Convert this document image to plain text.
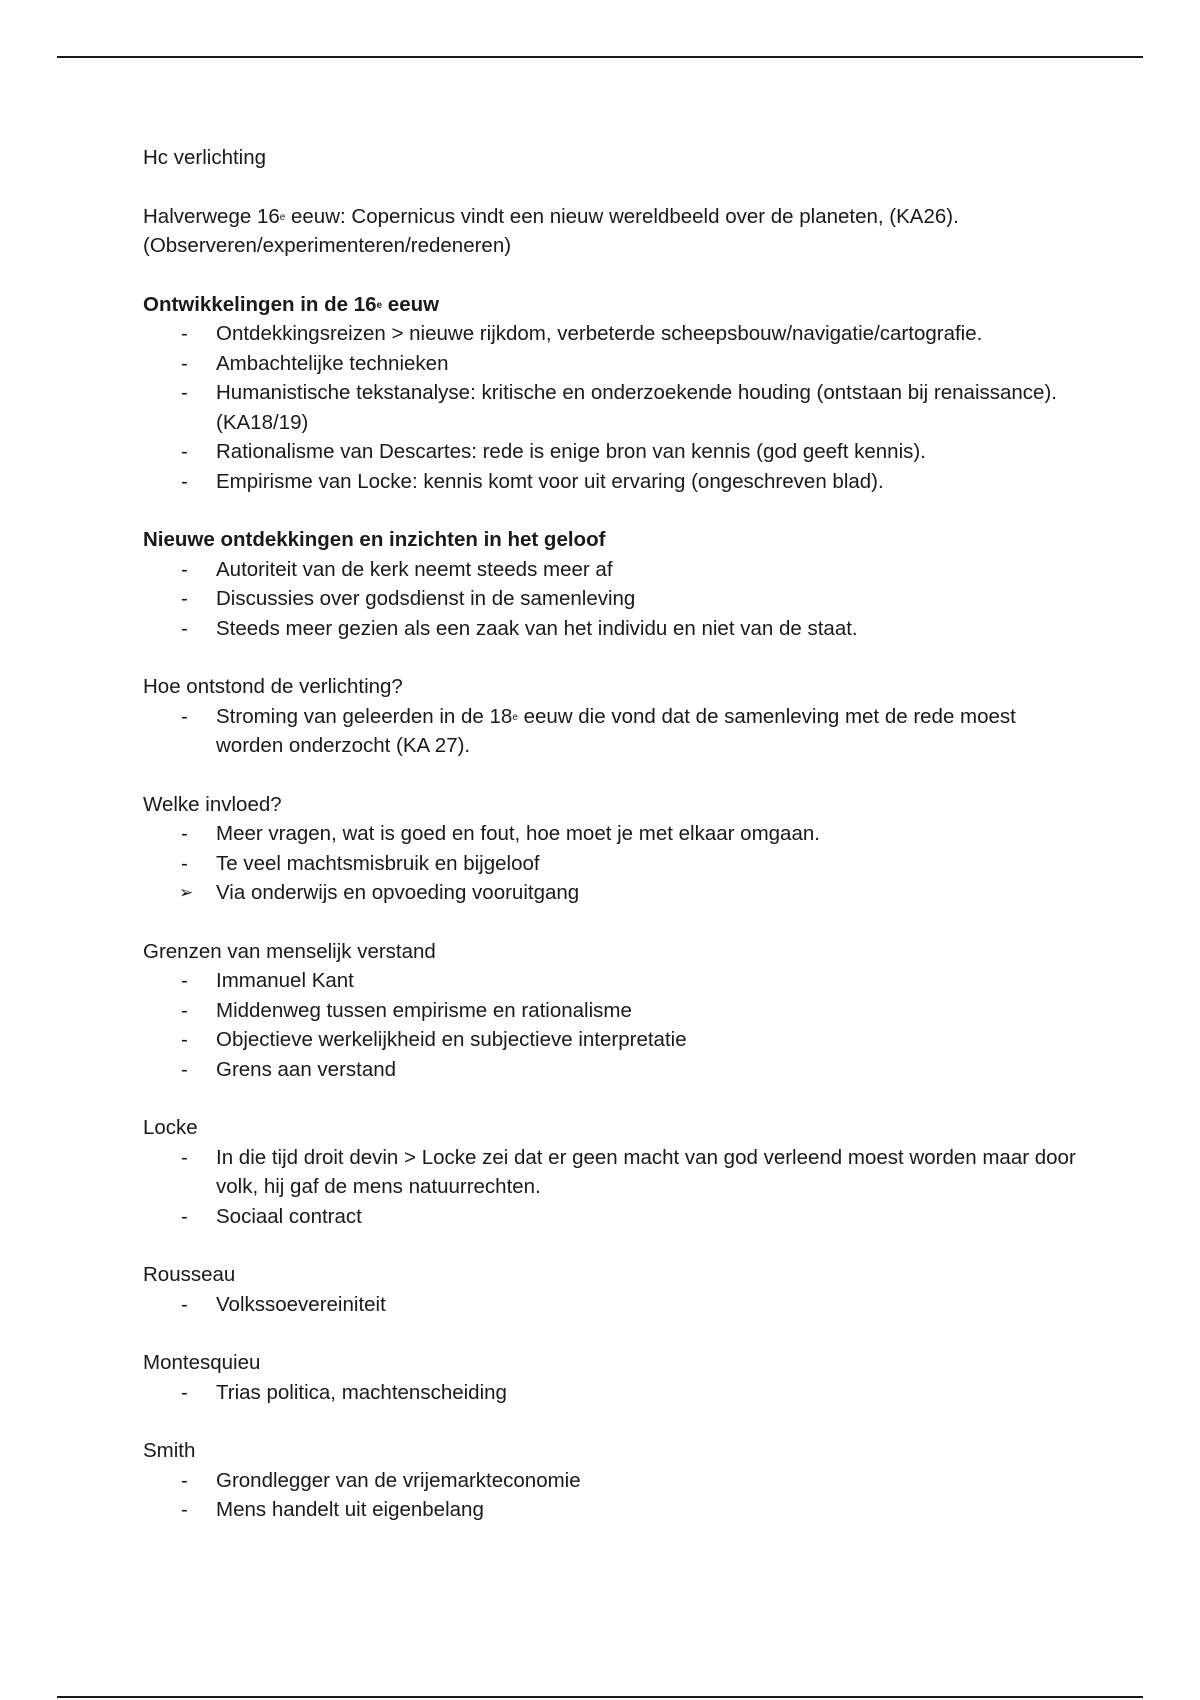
Hc verlichting

Halverwege 16e eeuw: Copernicus vindt een nieuw wereldbeeld over de planeten, (KA26).

(Observeren/experimenteren/redeneren)

Ontwikkelingen in de 16e eeuw

-	Ontdekkingsreizen > nieuwe rijkdom, verbeterde scheepsbouw/navigatie/cartografie.
-	Ambachtelijke technieken
-	Humanistische tekstanalyse: kritische en onderzoekende houding (ontstaan bij renaissance). (KA18/19)
-	Rationalisme van Descartes: rede is enige bron van kennis (god geeft kennis).
-	Empirisme van Locke: kennis komt voor uit ervaring (ongeschreven blad).

Nieuwe ontdekkingen en inzichten in het geloof

-	Autoriteit van de kerk neemt steeds meer af
-	Discussies over godsdienst in de samenleving
-	Steeds meer gezien als een zaak van het individu en niet van de staat.

Hoe ontstond de verlichting?

-	Stroming van geleerden in de 18e eeuw die vond dat de samenleving met de rede moest worden onderzocht (KA 27).

Welke invloed?

-	Meer vragen, wat is goed en fout, hoe moet je met elkaar omgaan.
-	Te veel machtsmisbruik en bijgeloof
➢ Via onderwijs en opvoeding vooruitgang

Grenzen van menselijk verstand

-	Immanuel Kant
-	Middenweg tussen empirisme en rationalisme
-	Objectieve werkelijkheid en subjectieve interpretatie
-	Grens aan verstand

Locke

-	In die tijd droit devin > Locke zei dat er geen macht van god verleend moest worden maar door volk, hij gaf de mens natuurrechten.
-	Sociaal contract

Rousseau

-	Volkssoevereiniteit

Montesquieu

-	Trias politica, machtenscheiding

Smith

-	Grondlegger van de vrijemarkteconomie
-	Mens handelt uit eigenbelang
